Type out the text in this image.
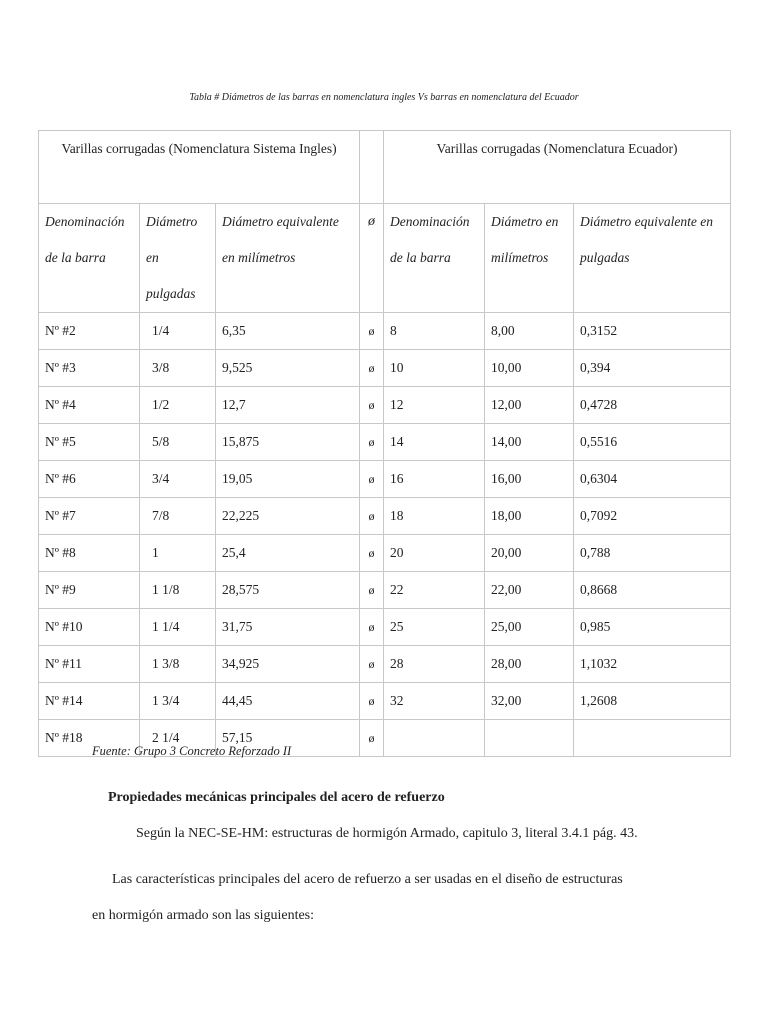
Tabla # Diámetros de las barras en nomenclatura ingles Vs barras en nomenclatura del Ecuador
Varillas corrugadas (Nomenclatura Sistema Ingles)				Varillas corrugadas (Nomenclatura Ecuador)		
Denominación de la barra	Diámetro en pulgadas	Diámetro equivalente en milímetros	ø	Denominación de la barra	Diámetro en milímetros	Diámetro equivalente en pulgadas
Nº #2	1/4	6,35	ø	8	8,00	0,3152
Nº #3	3/8	9,525	ø	10	10,00	0,394
Nº #4	1/2	12,7	ø	12	12,00	0,4728
Nº #5	5/8	15,875	ø	14	14,00	0,5516
Nº #6	3/4	19,05	ø	16	16,00	0,6304
Nº #7	7/8	22,225	ø	18	18,00	0,7092
Nº #8	1	25,4	ø	20	20,00	0,788
Nº #9	1 1/8	28,575	ø	22	22,00	0,8668
Nº #10	1 1/4	31,75	ø	25	25,00	0,985
Nº #11	1 3/8	34,925	ø	28	28,00	1,1032
Nº #14	1 3/4	44,45	ø	32	32,00	1,2608
Nº #18	2 1/4	57,15	ø			
Fuente: Grupo 3 Concreto Reforzado II
Propiedades mecánicas principales del acero de refuerzo
Según la NEC-SE-HM: estructuras de hormigón Armado, capitulo 3, literal 3.4.1 pág. 43.
Las características principales del acero de refuerzo a ser usadas en el diseño de estructuras
en hormigón armado son las siguientes:
